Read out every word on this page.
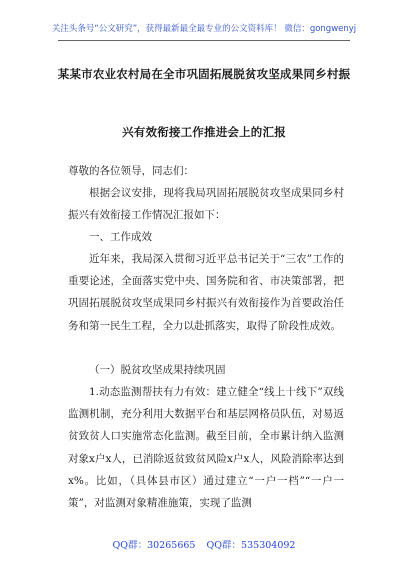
关注头条号“公文研究”，获得最新最全最专业的公文资料库！ 微信：gongwenyj
某某市农业农村局在全市巩固拓展脱贫攻坚成果同乡村振
兴有效衔接工作推进会上的汇报

尊敬的各位领导，同志们：

根据会议安排，现将我局巩固拓展脱贫攻坚成果同乡村振兴有效衔接工作情况汇报如下：

一、工作成效

近年来，我局深入贯彻习近平总书记关于“三农”工作的重要论述，全面落实党中央、国务院和省、市决策部署，把巩固拓展脱贫攻坚成果同乡村振兴有效衔接作为首要政治任务和第一民生工程，全力以赴抓落实，取得了阶段性成效。

（一）脱贫攻坚成果持续巩固

1.动态监测帮扶有力有效：建立健全“线上十线下”双线监测机制，充分利用大数据平台和基层网格员队伍，对易返贫致贫人口实施常态化监测。截至目前，全市累计纳入监测对象x户x人，已消除返贫致贫风险x户x人，风险消除率达到x%。比如，（具体县市区）通过建立“一户一档”“一户一策”，对监测对象精准施策，实现了监测

QQ群：30265665 QQ群：535304092
